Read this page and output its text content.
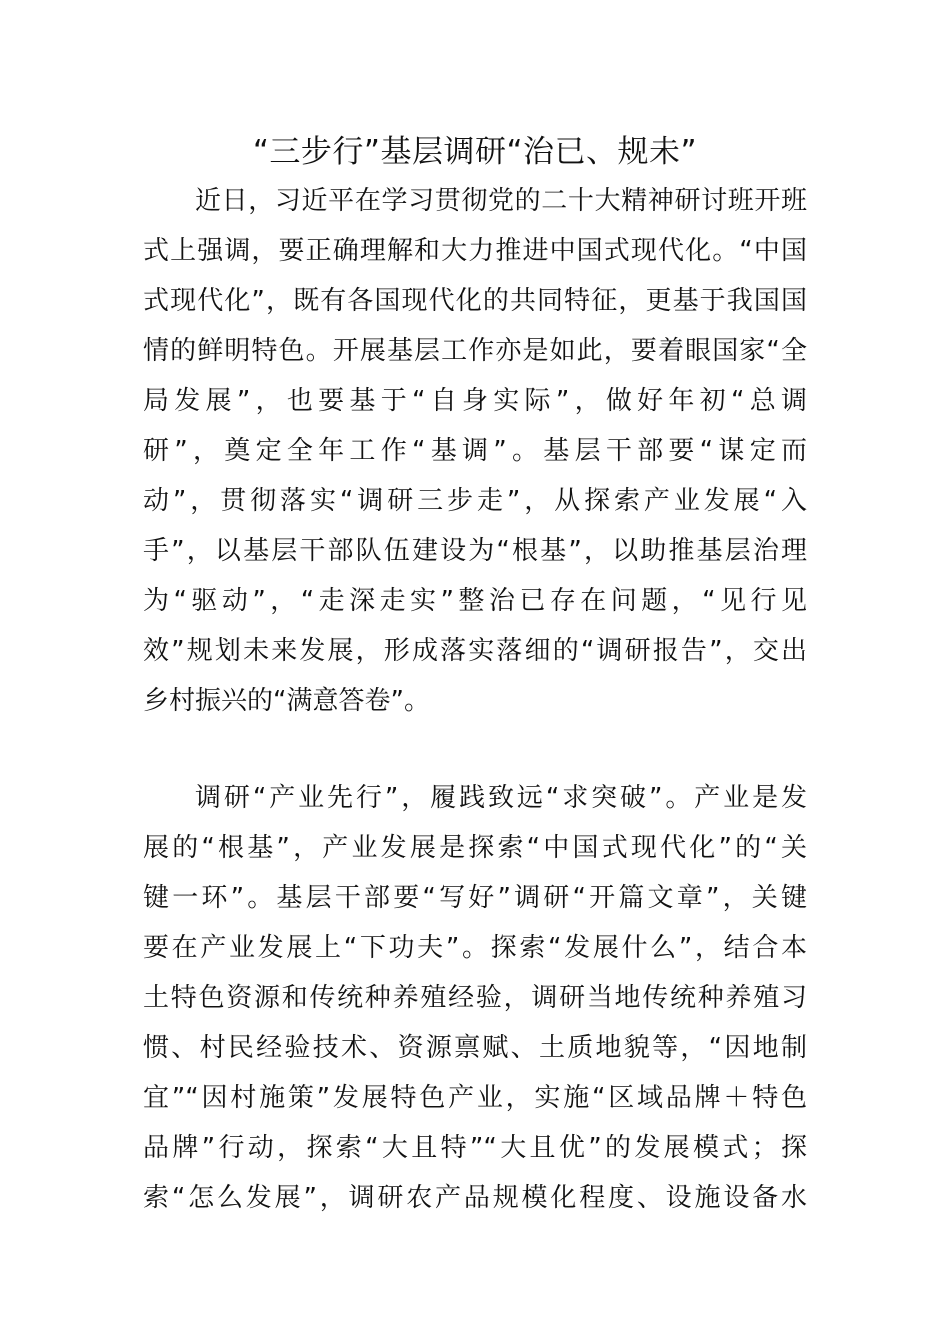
“三步行”基层调研“治已、规未”
近日，习近平在学习贯彻党的二十大精神研讨班开班
式上强调，要正确理解和大力推进中国式现代化。“中国
式现代化”，既有各国现代化的共同特征，更基于我国国
情的鲜明特色。开展基层工作亦是如此，要着眼国家“全
局发展”，也要基于“自身实际”，做好年初“总调
研”，奠定全年工作“基调”。基层干部要“谋定而
动”，贯彻落实“调研三步走”，从探索产业发展“入
手”，以基层干部队伍建设为“根基”，以助推基层治理
为“驱动”，“走深走实”整治已存在问题，“见行见
效”规划未来发展，形成落实落细的“调研报告”，交出
乡村振兴的“满意答卷”。
调研“产业先行”，履践致远“求突破”。产业是发
展的“根基”，产业发展是探索“中国式现代化”的“关
键一环”。基层干部要“写好”调研“开篇文章”，关键
要在产业发展上“下功夫”。探索“发展什么”，结合本
土特色资源和传统种养殖经验，调研当地传统种养殖习
惯、村民经验技术、资源禀赋、土质地貌等，“因地制
宜”“因村施策”发展特色产业，实施“区域品牌＋特色
品牌”行动，探索“大且特”“大且优”的发展模式；探
索“怎么发展”，调研农产品规模化程度、设施设备水
